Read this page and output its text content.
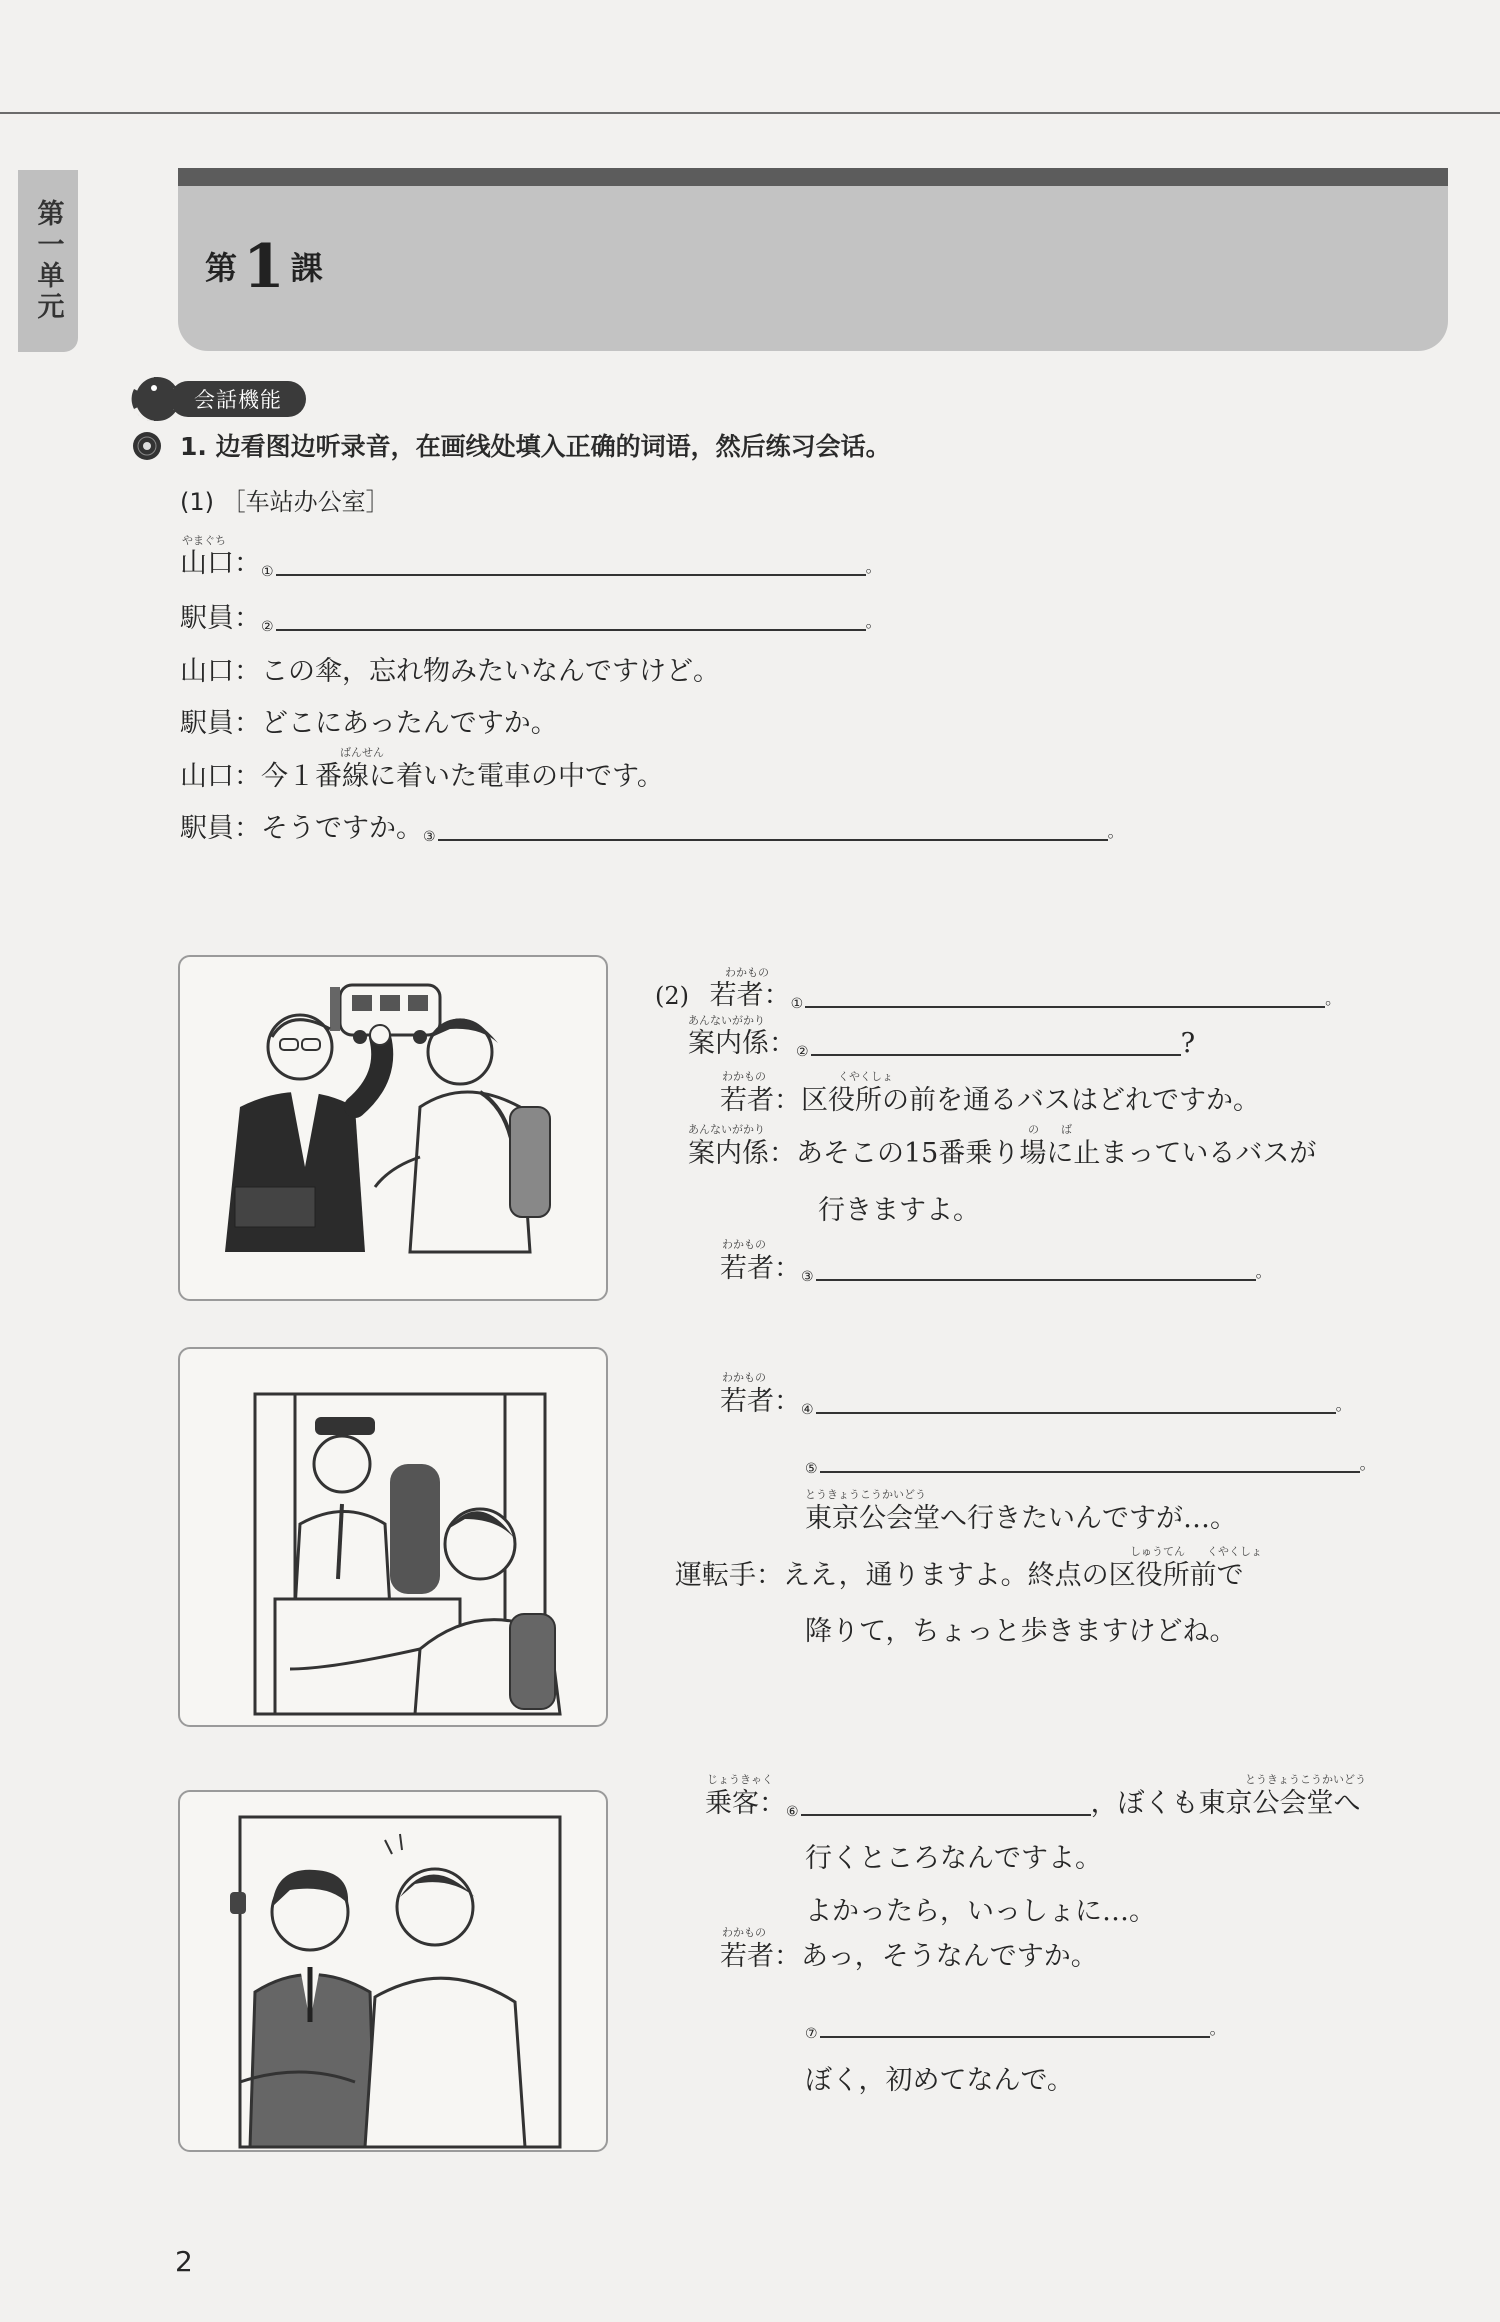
第一单元	第 1 課
会話機能
1. 边看图边听录音，在画线处填入正确的词语，然后练习会话。
(1) ［车站办公室］
やまぐち
山口：①	。
駅員：②	。
山口：この傘，忘れ物みたいなんですけど。
駅員：どこにあったんですか。
ばんせん
山口：今１番線に着いた電車の中です。
駅員：そうですか。③	。
(2)
わかもの
若者：①	。
あんないがかり
案内係：②	?
わかもの	くやくしょ
若者：区役所の前を通るバスはどれですか。
あんないがかり	の　　ば
案内係：あそこの15番乗り場に止まっているバスが
行きますよ。
わかもの
若者：③	。
わかもの
若者：④	。
⑤	。
とうきょうこうかいどう
東京公会堂へ行きたいんですが…。
しゅうてん　　くやくしょ
運転手：ええ，通りますよ。終点の区役所前で
降りて，ちょっと歩きますけどね。
じょうきゃく	とうきょうこうかいどう
乗客：⑥	，ぼくも東京公会堂へ
行くところなんですよ。
よかったら，いっしょに…。
わかもの
若者：あっ，そうなんですか。
⑦	。
ぼく，初めてなんで。
2
